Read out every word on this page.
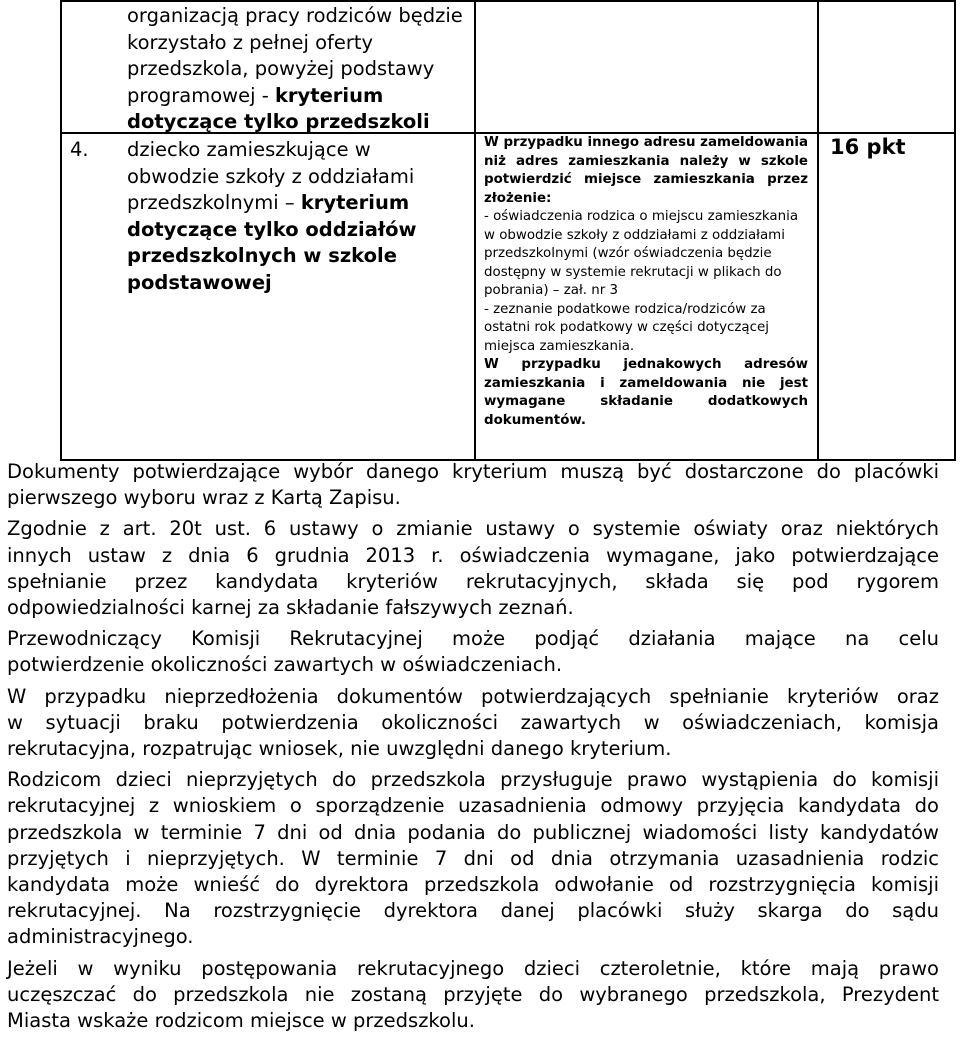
organizacją pracy rodziców będzie
korzystało z pełnej oferty
przedszkola, powyżej podstawy
programowej - kryterium
dotyczące tylko przedszkoli
4. dziecko zamieszkujące w obwodzie szkoły z oddziałami przedszkolnymi – kryterium dotyczące tylko oddziałów przedszkolnych w szkole podstawowej
W przypadku innego adresu zameldowania niż adres zamieszkania należy w szkole potwierdzić miejsce zamieszkania przez złożenie:
- oświadczenia rodzica o miejscu zamieszkania w obwodzie szkoły z oddziałami z oddziałami przedszkolnymi (wzór oświadczenia będzie dostępny w systemie rekrutacji w plikach do pobrania) – zał. nr 3
- zeznanie podatkowe rodzica/rodziców za ostatni rok podatkowy w części dotyczącej miejsca zamieszkania.
W przypadku jednakowych adresów zamieszkania i zameldowania nie jest wymagane składanie dodatkowych dokumentów.
16 pkt

Dokumenty potwierdzające wybór danego kryterium muszą być dostarczone do placówki
pierwszego wyboru wraz z Kartą Zapisu.

Zgodnie z art. 20t ust. 6 ustawy o zmianie ustawy o systemie oświaty oraz niektórych
innych ustaw z dnia 6 grudnia 2013 r. oświadczenia wymagane, jako potwierdzające
spełnianie przez kandydata kryteriów rekrutacyjnych, składa się pod rygorem
odpowiedzialności karnej za składanie fałszywych zeznań.

Przewodniczący Komisji Rekrutacyjnej może podjąć działania mające na celu
potwierdzenie okoliczności zawartych w oświadczeniach.

W przypadku nieprzedłożenia dokumentów potwierdzających spełnianie kryteriów oraz
w sytuacji braku potwierdzenia okoliczności zawartych w oświadczeniach, komisja
rekrutacyjna, rozpatrując wniosek, nie uwzględni danego kryterium.

Rodzicom dzieci nieprzyjętych do przedszkola przysługuje prawo wystąpienia do komisji
rekrutacyjnej z wnioskiem o sporządzenie uzasadnienia odmowy przyjęcia kandydata do
przedszkola w terminie 7 dni od dnia podania do publicznej wiadomości listy kandydatów
przyjętych i nieprzyjętych. W terminie 7 dni od dnia otrzymania uzasadnienia rodzic
kandydata może wnieść do dyrektora przedszkola odwołanie od rozstrzygnięcia komisji
rekrutacyjnej. Na rozstrzygnięcie dyrektora danej placówki służy skarga do sądu
administracyjnego.

Jeżeli w wyniku postępowania rekrutacyjnego dzieci czteroletnie, które mają prawo
uczęszczać do przedszkola nie zostaną przyjęte do wybranego przedszkola, Prezydent
Miasta wskaże rodzicom miejsce w przedszkolu.
